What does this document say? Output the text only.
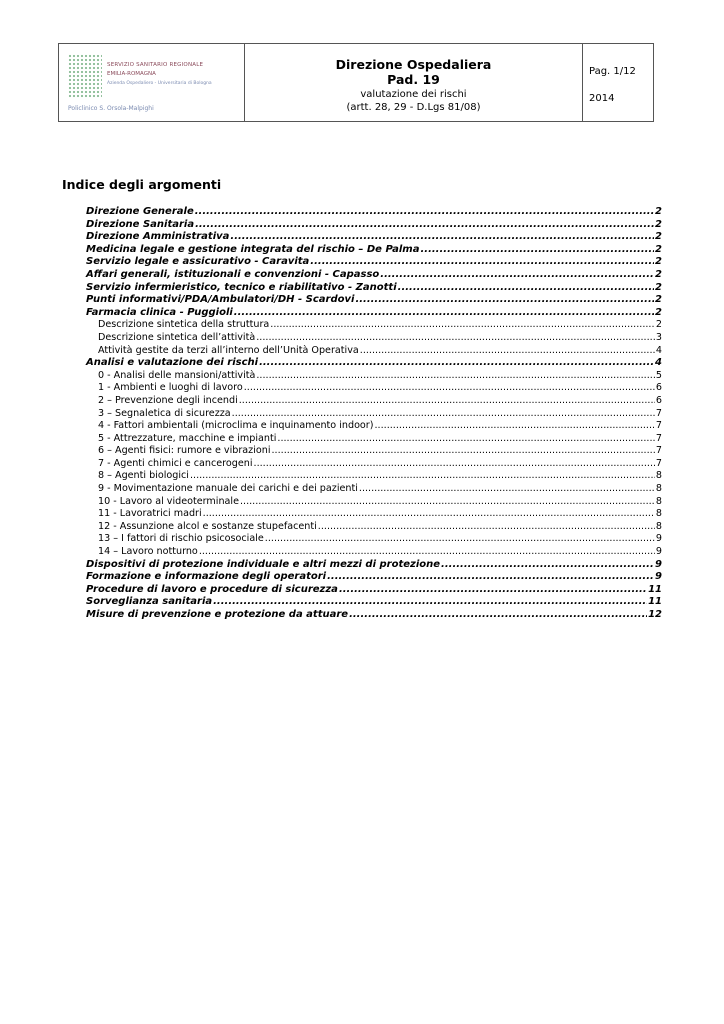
SERVIZIO SANITARIO REGIONALE
EMILIA-ROMAGNA
Azienda Ospedaliero - Universitaria di Bologna
Policlinico S. Orsola-Malpighi
Direzione Ospedaliera
Pad. 19
valutazione dei rischi
(artt. 28, 29 - D.Lgs 81/08)
Pag. 1/12
2014
Indice degli argomenti
Direzione Generale .....	2
Direzione Sanitaria .....	2
Direzione Amministrativa .....	2
Medicina legale e gestione integrata del rischio – De Palma .....	2
Servizio legale e assicurativo - Caravita .....	2
Affari generali, istituzionali e convenzioni - Capasso .....	2
Servizio infermieristico, tecnico e riabilitativo - Zanotti .....	2
Punti informativi/PDA/Ambulatori/DH - Scardovi .....	2
Farmacia clinica - Puggioli .....	2
Descrizione sintetica della struttura .....	2
Descrizione sintetica dell’attività .....	3
Attività gestite da terzi all’interno dell’Unità Operativa .....	4
Analisi e valutazione dei rischi .....	4
0 - Analisi delle mansioni/attività .....	5
1 - Ambienti e luoghi di lavoro .....	6
2 – Prevenzione degli incendi .....	6
3 – Segnaletica di sicurezza .....	7
4 - Fattori ambientali (microclima e inquinamento indoor) .....	7
5 - Attrezzature, macchine e impianti .....	7
6 – Agenti fisici: rumore e vibrazioni .....	7
7 - Agenti chimici e cancerogeni .....	7
8 – Agenti biologici .....	8
9 - Movimentazione manuale dei carichi e dei pazienti .....	8
10 - Lavoro al videoterminale .....	8
11 - Lavoratrici madri .....	8
12 - Assunzione alcol e sostanze stupefacenti .....	8
13 – I fattori di rischio psicosociale .....	9
14 – Lavoro notturno .....	9
Dispositivi di protezione individuale e altri mezzi di protezione .....	9
Formazione e informazione degli operatori .....	9
Procedure di lavoro e procedure di sicurezza .....	11
Sorveglianza sanitaria .....	11
Misure di prevenzione e protezione da attuare .....	12
